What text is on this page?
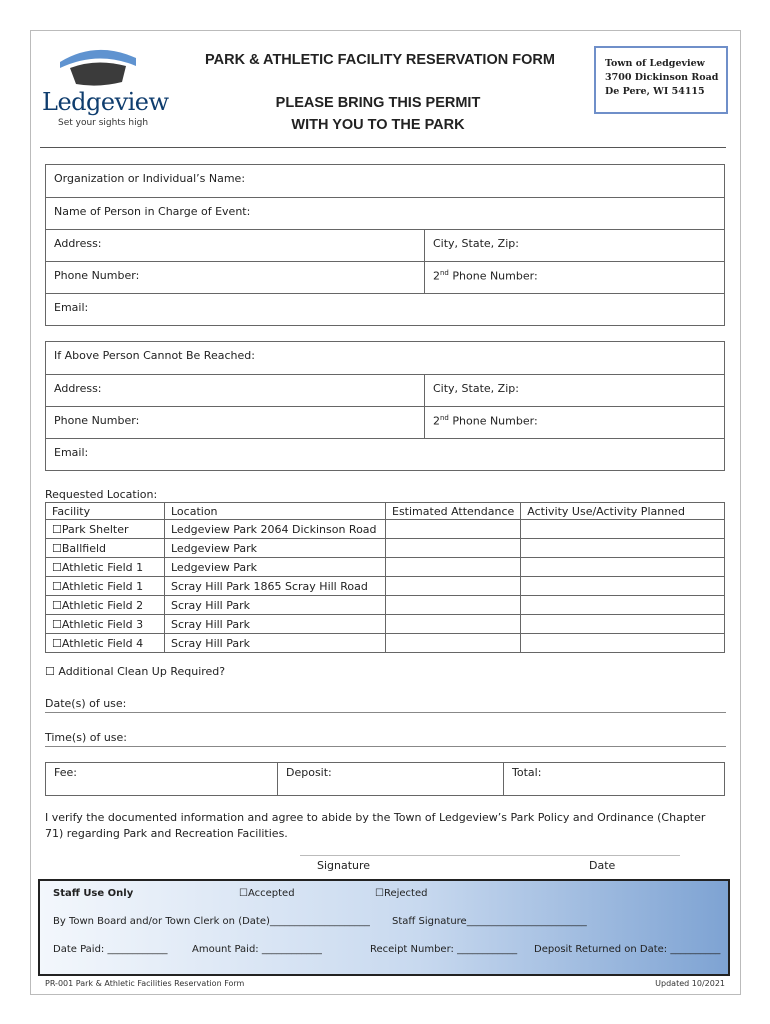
Ledgeview
Set your sights high
PARK & ATHLETIC FACILITY RESERVATION FORM
PLEASE BRING THIS PERMIT
WITH YOU TO THE PARK
Town of Ledgeview
3700 Dickinson Road
De Pere, WI 54115
Organization or Individual’s Name:
Name of Person in Charge of Event:
Address:	City, State, Zip:
Phone Number:	2nd Phone Number:
Email:
If Above Person Cannot Be Reached:
Address:	City, State, Zip:
Phone Number:	2nd Phone Number:
Email:
Requested Location:
Facility	Location	Estimated Attendance	Activity Use/Activity Planned
☐Park Shelter	Ledgeview Park 2064 Dickinson Road		
☐Ballfield	Ledgeview Park		
☐Athletic Field 1	Ledgeview Park		
☐Athletic Field 1	Scray Hill Park 1865 Scray Hill Road		
☐Athletic Field 2	Scray Hill Park		
☐Athletic Field 3	Scray Hill Park		
☐Athletic Field 4	Scray Hill Park		
☐ Additional Clean Up Required?
Date(s) of use:
Time(s) of use:
Fee:	Deposit:	Total:
I verify the documented information and agree to abide by the Town of Ledgeview’s Park Policy and Ordinance (Chapter 71) regarding Park and Recreation Facilities.
Signature	Date
Staff Use Only	☐Accepted	☐Rejected
By Town Board and/or Town Clerk on (Date)____________________ Staff Signature________________________
Date Paid: ____________ Amount Paid: ____________	Receipt Number: ____________ Deposit Returned on Date: __________
PR-001 Park & Athletic Facilities Reservation Form	Updated 10/2021
